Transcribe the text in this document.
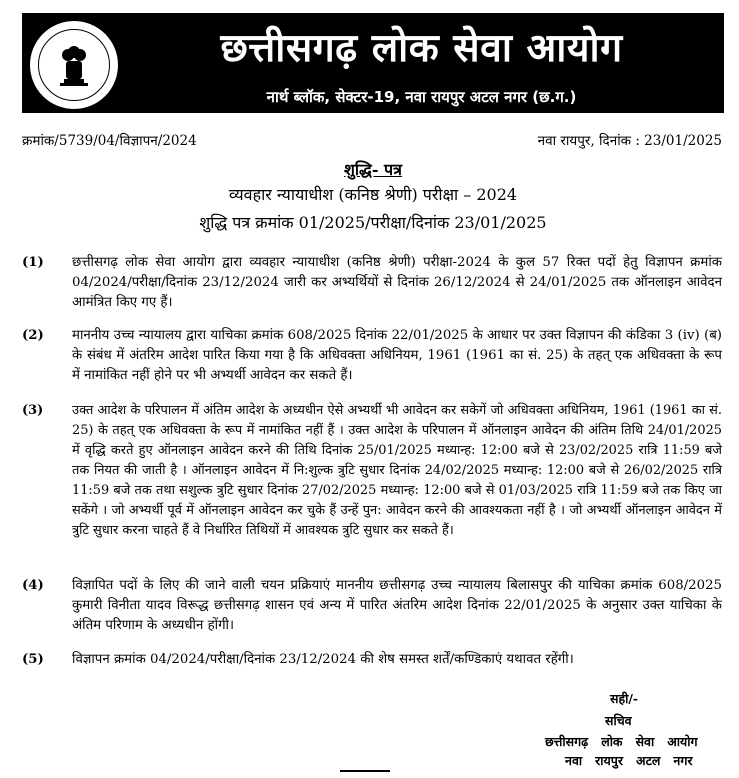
छत्तीसगढ़ लोक सेवा आयोग
नार्थ ब्लॉक, सेक्टर-19, नवा रायपुर अटल नगर (छ.ग.)
क्रमांक/5739/04/विज्ञापन/2024	नवा रायपुर, दिनांक : 23/01/2025
शुद्धि- पत्र
व्यवहार न्यायाधीश (कनिष्ठ श्रेणी) परीक्षा – 2024
शुद्धि पत्र क्रमांक 01/2025/परीक्षा/दिनांक 23/01/2025
(1)	छत्तीसगढ़ लोक सेवा आयोग द्वारा व्यवहार न्यायाधीश (कनिष्ठ श्रेणी) परीक्षा-2024 के कुल 57 रिक्त पदों हेतु विज्ञापन क्रमांक 04/2024/परीक्षा/दिनांक 23/12/2024 जारी कर अभ्यर्थियों से दिनांक 26/12/2024 से 24/01/2025 तक ऑनलाइन आवेदन आमंत्रित किए गए हैं।
(2)	माननीय उच्च न्यायालय द्वारा याचिका क्रमांक 608/2025 दिनांक 22/01/2025 के आधार पर उक्त विज्ञापन की कंडिका 3 (iv) (ब) के संबंध में अंतरिम आदेश पारित किया गया है कि अधिवक्ता अधिनियम, 1961 (1961 का सं. 25) के तहत् एक अधिवक्ता के रूप में नामांकित नहीं होने पर भी अभ्यर्थी आवेदन कर सकते हैं।
(3)	उक्त आदेश के परिपालन में अंतिम आदेश के अध्यधीन ऐसे अभ्यर्थी भी आवेदन कर सकेगें जो अधिवक्ता अधिनियम, 1961 (1961 का सं. 25) के तहत् एक अधिवक्ता के रूप में नामांकित नहीं हैं । उक्त आदेश के परिपालन में ऑनलाइन आवेदन की अंतिम तिथि 24/01/2025 में वृद्धि करते हुए ऑनलाइन आवेदन करने की तिथि दिनांक 25/01/2025 मध्यान्ह: 12:00 बजे से 23/02/2025 रात्रि 11:59 बजे तक नियत की जाती है । ऑनलाइन आवेदन में नि:शुल्क त्रुटि सुधार दिनांक 24/02/2025 मध्यान्ह: 12:00 बजे से 26/02/2025 रात्रि 11:59 बजे तक तथा सशुल्क त्रुटि सुधार दिनांक 27/02/2025 मध्यान्ह: 12:00 बजे से 01/03/2025 रात्रि 11:59 बजे तक किए जा सकेंगे । जो अभ्यर्थी पूर्व में ऑनलाइन आवेदन कर चुके हैं उन्हें पुन: आवेदन करने की आवश्यकता नहीं है । जो अभ्यर्थी ऑनलाइन आवेदन में त्रुटि सुधार करना चाहते हैं वे निर्धारित तिथियों में आवश्यक त्रुटि सुधार कर सकते हैं।
(4)	विज्ञापित पदों के लिए की जाने वाली चयन प्रक्रियाएं माननीय छत्तीसगढ़ उच्च न्यायालय बिलासपुर की याचिका क्रमांक 608/2025 कुमारी विनीता यादव विरूद्ध छत्तीसगढ़ शासन एवं अन्य में पारित अंतरिम आदेश दिनांक 22/01/2025 के अनुसार उक्त याचिका के अंतिम परिणाम के अध्यधीन होंगी।
(5)	विज्ञापन क्रमांक 04/2024/परीक्षा/दिनांक 23/12/2024 की शेष समस्त शर्तें/कण्डिकाएं यथावत रहेंगी।
सही/-
सचिव
छत्तीसगढ़   लोक   सेवा   आयोग
नवा   रायपुर   अटल   नगर
